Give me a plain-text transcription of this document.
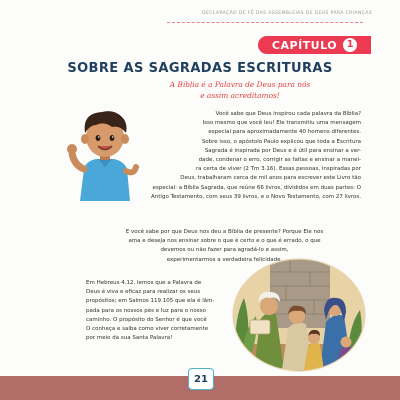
DECLARAÇÃO DE FÉ DAS ASSEMBLEIAS DE DEUS PARA CRIANÇAS
CAPÍTULO 1
SOBRE AS SAGRADAS ESCRITURAS
A Bíblia é a Palavra de Deus para nós
e assim acreditamos!
Você sabe que Deus inspirou cada palavra da Bíblia?
Isso mesmo que você leu! Ele transmitiu uma mensagem
especial para aproximadamente 40 homens diferentes.
Sobre isso, o apóstolo Paulo explicou que toda a Escritura
Sagrada é inspirada por Deus e é útil para ensinar a ver-
dade, condenar o erro, corrigir as faltas e ensinar a manei-
ra certa de viver (2 Tm 3.16). Essas pessoas, inspiradas por
Deus, trabalharam cerca de mil anos para escrever este Livro tão
especial: a Bíblia Sagrada, que reúne 66 livros, divididos em duas partes: O
Antigo Testamento, com seus 39 livros, e o Novo Testamento, com 27 livros.
E você sabe por que Deus nos deu a Bíblia de presente? Porque Ele nos
ama e deseja nos ensinar sobre o que é certo e o que é errado, o que
devemos ou não fazer para agradá-lo e assim,
experimentarmos a verdadeira felicidade.
Em Hebreus 4.12, lemos que a Palavra de
Deus é viva e eficaz para realizar os seus
propósitos; em Salmos 119.105 que ela é lâm-
pada para os nossos pés e luz para o nosso
caminho. O propósito do Senhor é que você
O conheça e saiba como viver corretamente
por meio da sua Santa Palavra!
21
